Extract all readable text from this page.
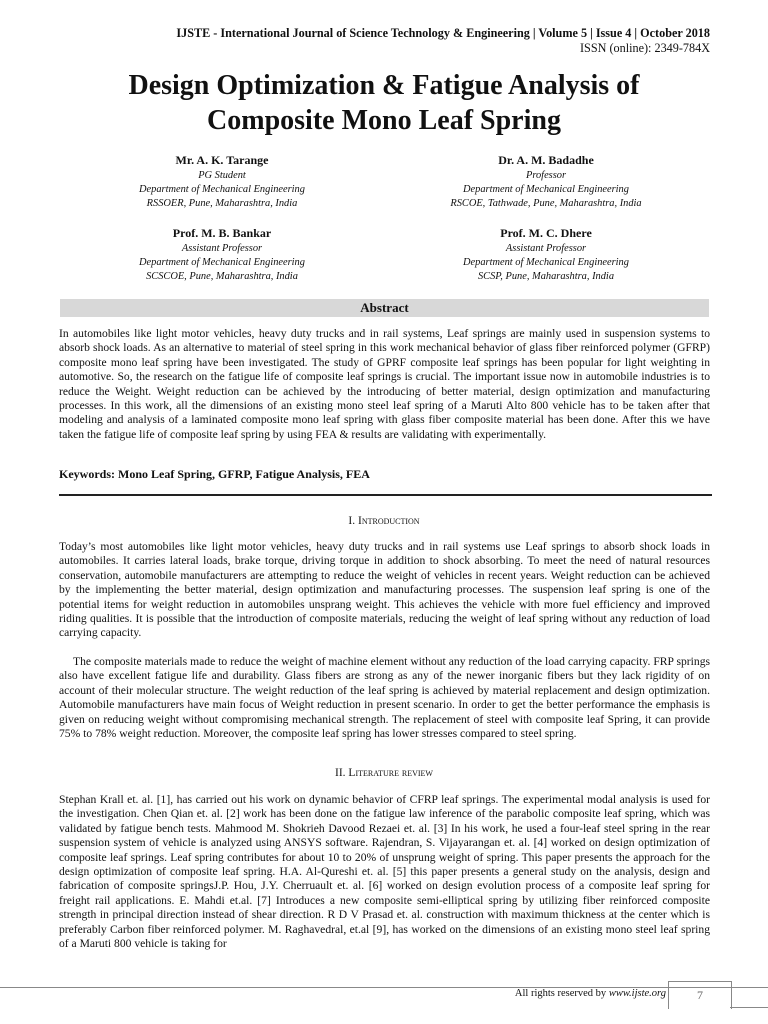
IJSTE - International Journal of Science Technology & Engineering | Volume 5 | Issue 4 | October 2018
ISSN (online): 2349-784X
Design Optimization & Fatigue Analysis of
Composite Mono Leaf Spring
Mr. A. K. Tarange
PG Student
Department of Mechanical Engineering
RSSOER, Pune, Maharashtra, India
Dr. A. M. Badadhe
Professor
Department of Mechanical Engineering
RSCOE, Tathwade, Pune, Maharashtra, India
Prof. M. B. Bankar
Assistant Professor
Department of Mechanical Engineering
SCSCOE, Pune, Maharashtra, India
Prof. M. C. Dhere
Assistant Professor
Department of Mechanical Engineering
SCSP, Pune, Maharashtra, India
Abstract

In automobiles like light motor vehicles, heavy duty trucks and in rail systems, Leaf springs are mainly used in suspension systems to absorb shock loads. As an alternative to material of steel spring in this work mechanical behavior of glass fiber reinforced polymer (GFRP) composite mono leaf spring have been investigated. The study of GPRF composite leaf springs has been popular for light weighting in automotive. So, the research on the fatigue life of composite leaf springs is crucial. The important issue now in automobile industries is to reduce the Weight. Weight reduction can be achieved by the introducing of better material, design optimization and manufacturing processes. In this work, all the dimensions of an existing mono steel leaf spring of a Maruti Alto 800 vehicle has to be taken after that modeling and analysis of a laminated composite mono leaf spring with glass fiber composite material has been done. After this we have taken the fatigue life of composite leaf spring by using FEA & results are validating with experimentally.

Keywords: Mono Leaf Spring, GFRP, Fatigue Analysis, FEA
I. Introduction

Today’s most automobiles like light motor vehicles, heavy duty trucks and in rail systems use Leaf springs to absorb shock loads in automobiles. It carries lateral loads, brake torque, driving torque in addition to shock absorbing. To meet the need of natural resources conservation, automobile manufacturers are attempting to reduce the weight of vehicles in recent years. Weight reduction can be achieved by the implementing the better material, design optimization and manufacturing processes. The suspension leaf spring is one of the potential items for weight reduction in automobiles unsprang weight. This achieves the vehicle with more fuel efficiency and improved riding qualities. It is possible that the introduction of composite materials, reducing the weight of leaf spring without any reduction of load carrying capacity.

The composite materials made to reduce the weight of machine element without any reduction of the load carrying capacity. FRP springs also have excellent fatigue life and durability. Glass fibers are strong as any of the newer inorganic fibers but they lack rigidity of on account of their molecular structure. The weight reduction of the leaf spring is achieved by material replacement and design optimization. Automobile manufacturers have main focus of Weight reduction in present scenario. In order to get the better performance the emphasis is given on reducing weight without compromising mechanical strength. The replacement of steel with composite leaf Spring, it can provide 75% to 78% weight reduction. Moreover, the composite leaf spring has lower stresses compared to steel spring.

II. Literature review

Stephan Krall et. al. [1], has carried out his work on dynamic behavior of CFRP leaf springs. The experimental modal analysis is used for the investigation. Chen Qian et. al. [2] work has been done on the fatigue law inference of the parabolic composite leaf spring, which was validated by fatigue bench tests. Mahmood M. Shokrieh Davood Rezaei et. al. [3] In his work, he used a four-leaf steel spring in the rear suspension system of vehicle is analyzed using ANSYS software. Rajendran, S. Vijayarangan et. al. [4] worked on design optimization of composite leaf springs. Leaf spring contributes for about 10 to 20% of unsprung weight of spring. This paper presents the approach for the design optimization of composite leaf spring. H.A. Al-Qureshi et. al. [5] this paper presents a general study on the analysis, design and fabrication of composite springsJ.P. Hou, J.Y. Cherruault et. al. [6] worked on design evolution process of a composite leaf spring for freight rail applications. E. Mahdi et.al. [7] Introduces a new composite semi-elliptical spring by utilizing fiber reinforced composite strength in principal direction instead of shear direction. R D V Prasad et. al. construction with maximum thickness at the center which is preferably Carbon fiber reinforced polymer. M. Raghavedral, et.al [9], has worked on the dimensions of an existing mono steel leaf spring of a Maruti 800 vehicle is taking for

All rights reserved by www.ijste.org	7
